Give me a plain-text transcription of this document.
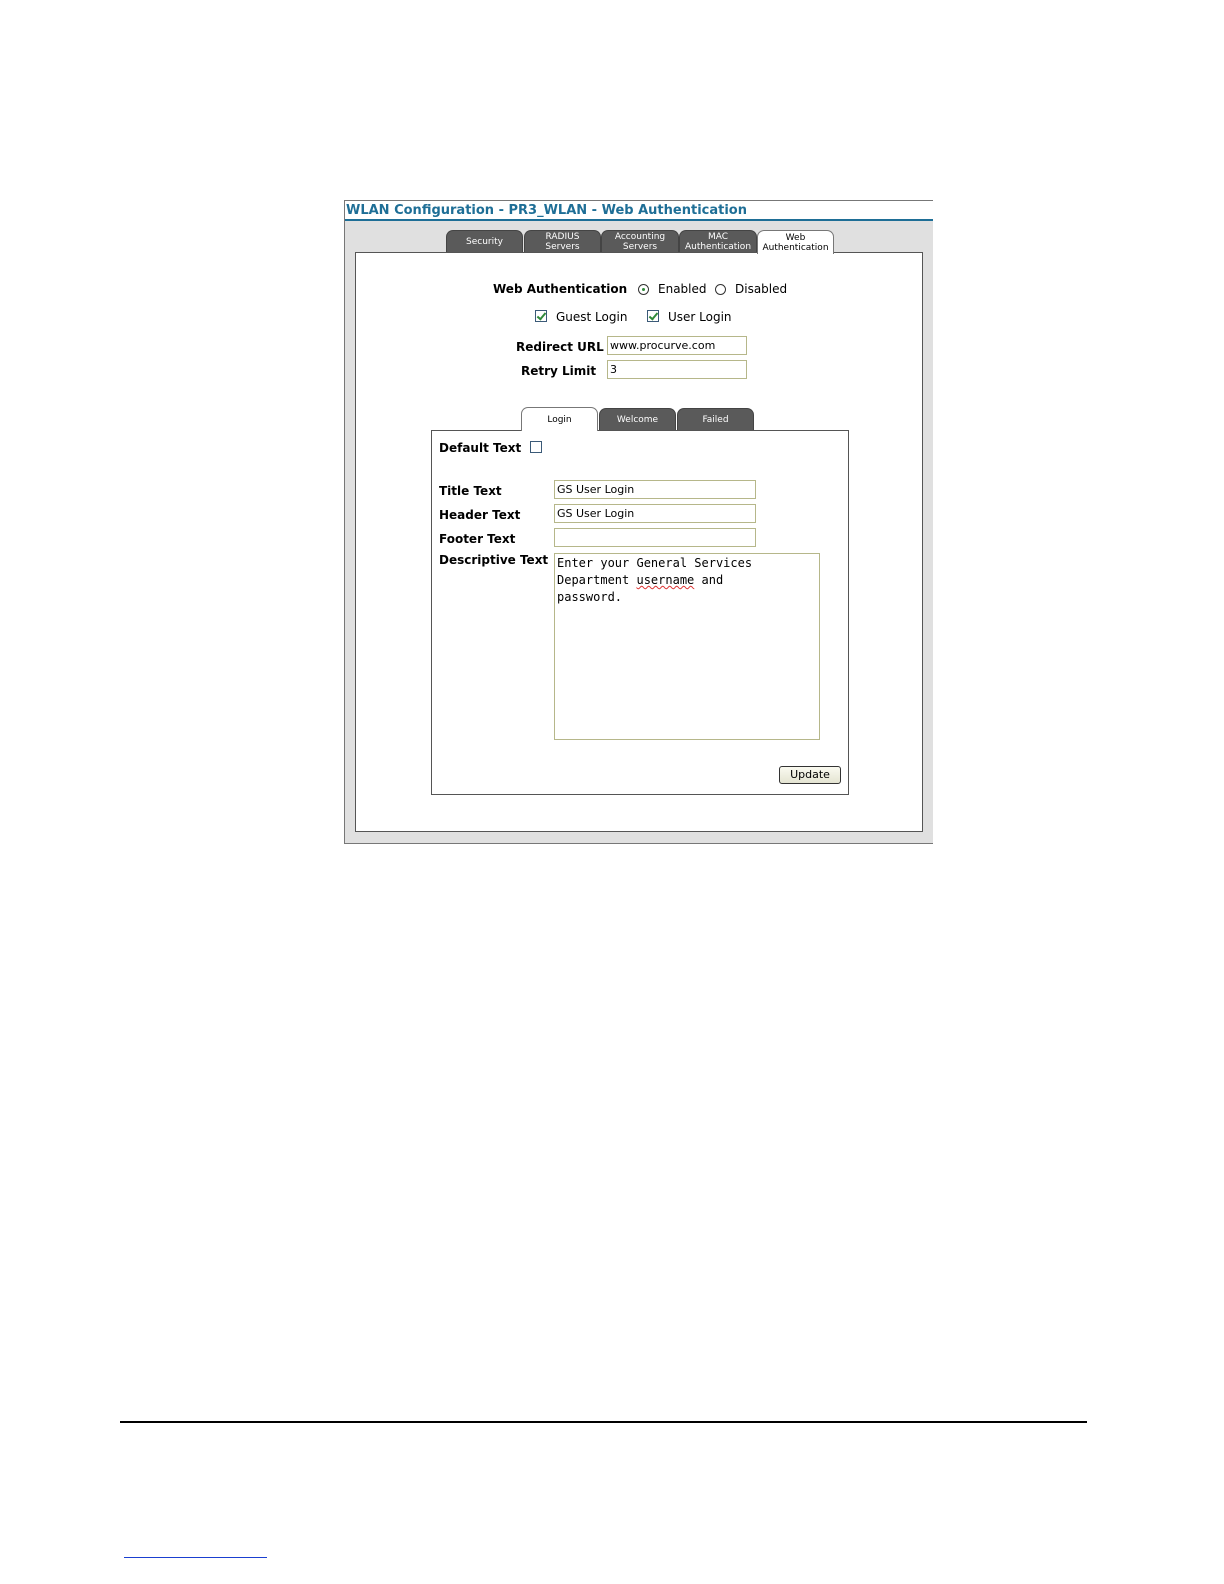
WLAN Configuration - PR3_WLAN - Web Authentication
Security	RADIUS
Servers
Accounting
Servers
MAC
Authentication
Web
Authentication
Web Authentication	Enabled Disabled
Guest Login	User Login
Redirect URL www.procurve.com
Retry Limit 3
Login	Welcome	Failed
Default Text
Title Text	GS User Login
Header Text	GS User Login
Footer Text
Descriptive Text Enter your General Services
Department username and
password.
Update
